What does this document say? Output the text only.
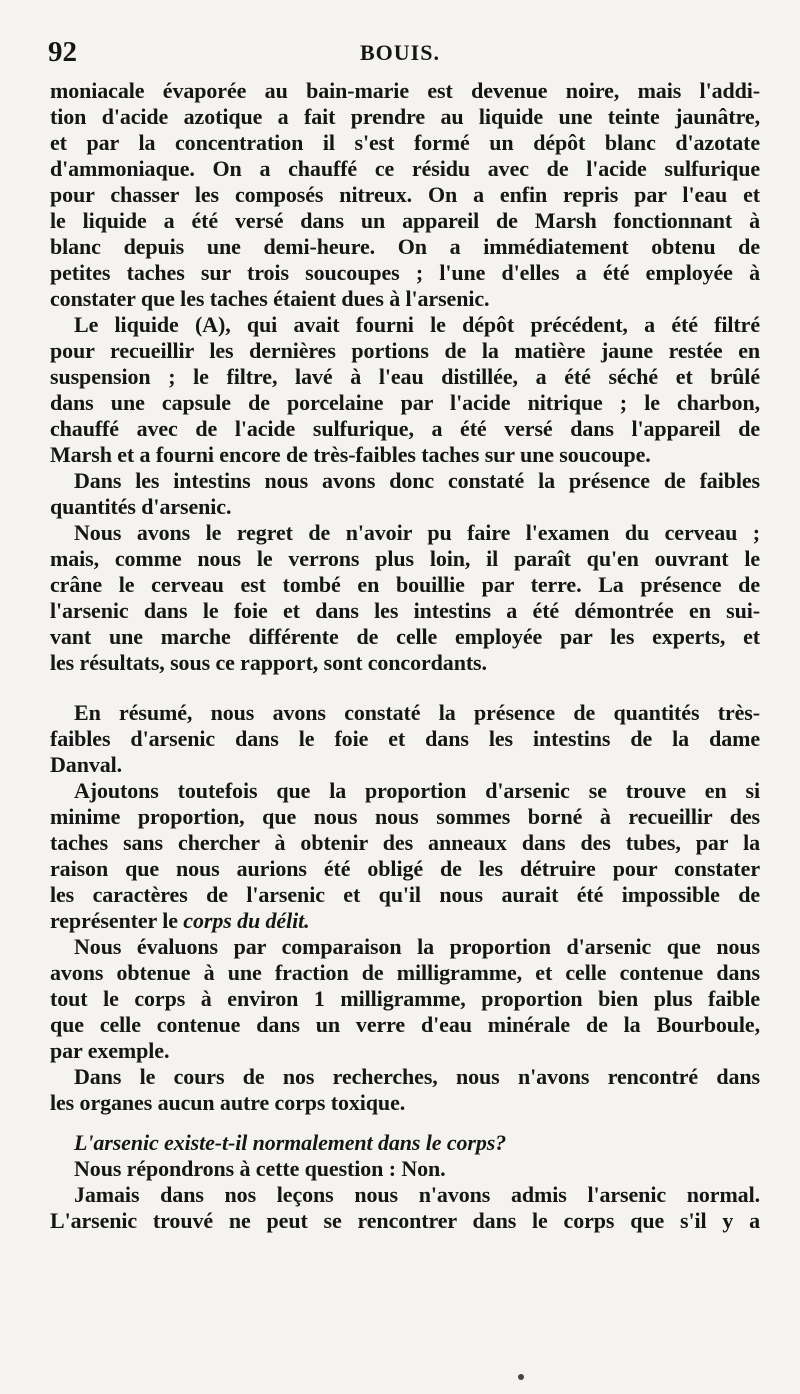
92	BOUIS.
moniacale évaporée au bain-marie est devenue noire, mais l'addi-
tion d'acide azotique a fait prendre au liquide une teinte jaunâtre,
et par la concentration il s'est formé un dépôt blanc d'azotate
d'ammoniaque. On a chauffé ce résidu avec de l'acide sulfurique
pour chasser les composés nitreux. On a enfin repris par l'eau et
le liquide a été versé dans un appareil de Marsh fonctionnant à
blanc depuis une demi-heure. On a immédiatement obtenu de
petites taches sur trois soucoupes ; l'une d'elles a été employée à
constater que les taches étaient dues à l'arsenic.
Le liquide (A), qui avait fourni le dépôt précédent, a été filtré
pour recueillir les dernières portions de la matière jaune restée en
suspension ; le filtre, lavé à l'eau distillée, a été séché et brûlé
dans une capsule de porcelaine par l'acide nitrique ; le charbon,
chauffé avec de l'acide sulfurique, a été versé dans l'appareil de
Marsh et a fourni encore de très-faibles taches sur une soucoupe.
Dans les intestins nous avons donc constaté la présence de faibles
quantités d'arsenic.
Nous avons le regret de n'avoir pu faire l'examen du cerveau ;
mais, comme nous le verrons plus loin, il paraît qu'en ouvrant le
crâne le cerveau est tombé en bouillie par terre. La présence de
l'arsenic dans le foie et dans les intestins a été démontrée en sui-
vant une marche différente de celle employée par les experts, et
les résultats, sous ce rapport, sont concordants.
En résumé, nous avons constaté la présence de quantités très-
faibles d'arsenic dans le foie et dans les intestins de la dame
Danval.
Ajoutons toutefois que la proportion d'arsenic se trouve en si
minime proportion, que nous nous sommes borné à recueillir des
taches sans chercher à obtenir des anneaux dans des tubes, par la
raison que nous aurions été obligé de les détruire pour constater
les caractères de l'arsenic et qu'il nous aurait été impossible de
représenter le corps du délit.
Nous évaluons par comparaison la proportion d'arsenic que nous
avons obtenue à une fraction de milligramme, et celle contenue dans
tout le corps à environ 1 milligramme, proportion bien plus faible
que celle contenue dans un verre d'eau minérale de la Bourboule,
par exemple.
Dans le cours de nos recherches, nous n'avons rencontré dans
les organes aucun autre corps toxique.
L'arsenic existe-t-il normalement dans le corps?
Nous répondrons à cette question : Non.
Jamais dans nos leçons nous n'avons admis l'arsenic normal.
L'arsenic trouvé ne peut se rencontrer dans le corps que s'il y a
